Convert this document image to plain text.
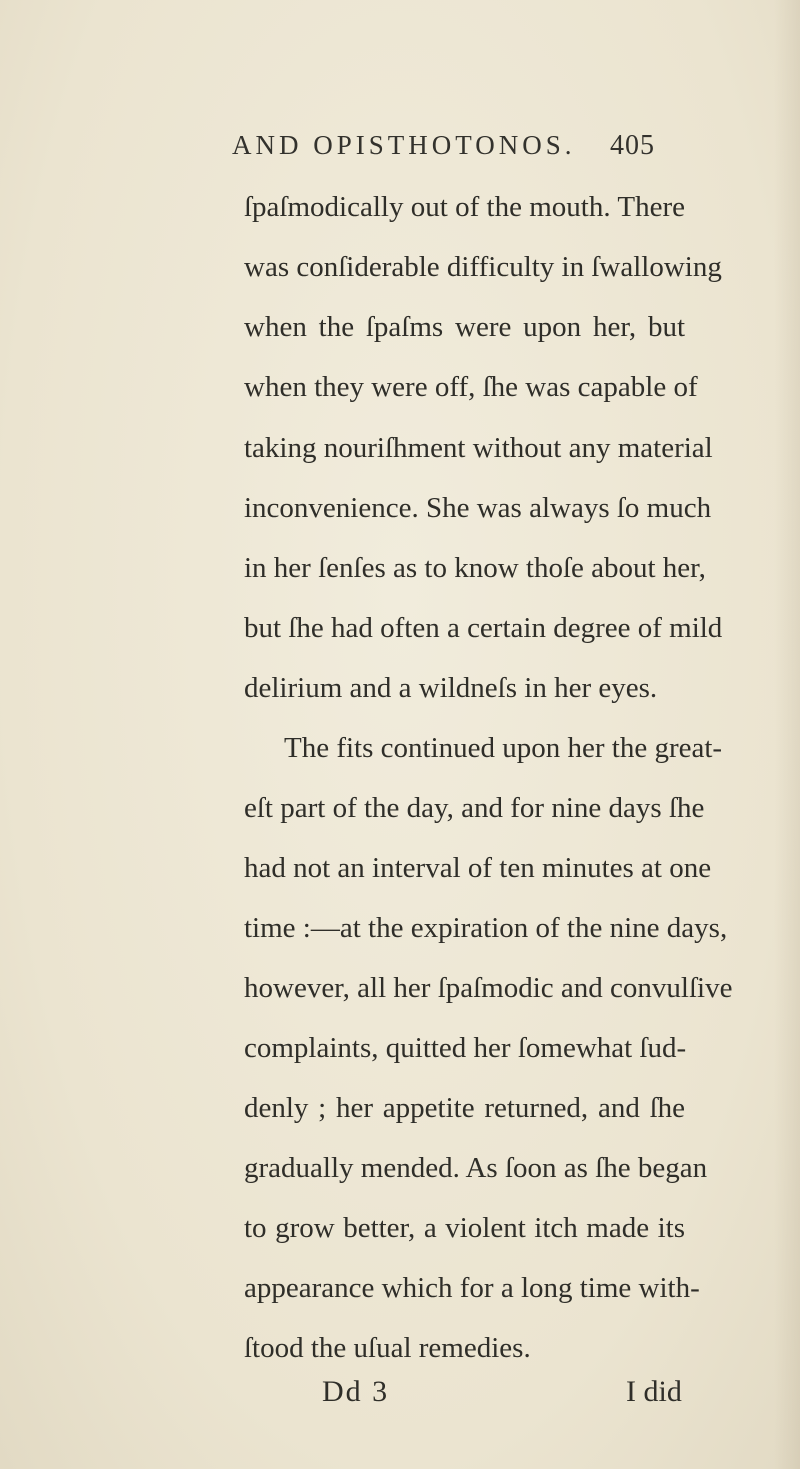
AND OPISTHOTONOS. 405
ſpaſmodically out of the mouth. There
was conſiderable difficulty in ſwallowing
when the ſpaſms were upon her, but
when they were off, ſhe was capable of
taking nouriſhment without any material
inconvenience. She was always ſo much
in her ſenſes as to know thoſe about her,
but ſhe had often a certain degree of mild
delirium and a wildneſs in her eyes.
The fits continued upon her the great-
eſt part of the day, and for nine days ſhe
had not an interval of ten minutes at one
time :—at the expiration of the nine days,
however, all her ſpaſmodic and convulſive
complaints, quitted her ſomewhat ſud-
denly ; her appetite returned, and ſhe
gradually mended. As ſoon as ſhe began
to grow better, a violent itch made its
appearance which for a long time with-
ſtood the uſual remedies.
Dd 3	I did
